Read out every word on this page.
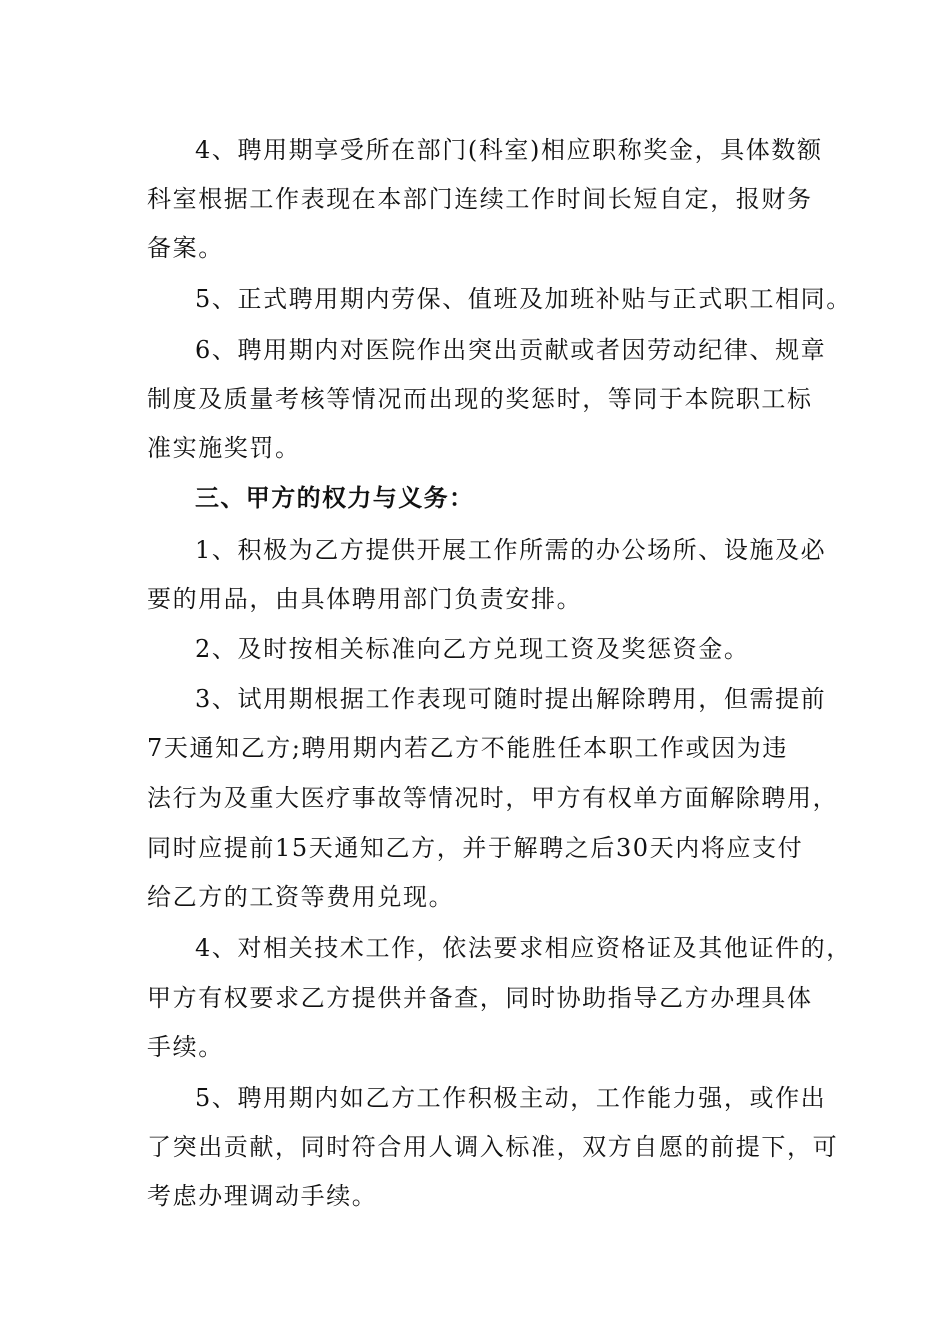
4、聘用期享受所在部门(科室)相应职称奖金，具体数额
科室根据工作表现在本部门连续工作时间长短自定，报财务
备案。
5、正式聘用期内劳保、值班及加班补贴与正式职工相同。
6、聘用期内对医院作出突出贡献或者因劳动纪律、规章
制度及质量考核等情况而出现的奖惩时，等同于本院职工标
准实施奖罚。
三、甲方的权力与义务：
1、积极为乙方提供开展工作所需的办公场所、设施及必
要的用品，由具体聘用部门负责安排。
2、及时按相关标准向乙方兑现工资及奖惩资金。
3、试用期根据工作表现可随时提出解除聘用，但需提前
7天通知乙方;聘用期内若乙方不能胜任本职工作或因为违
法行为及重大医疗事故等情况时，甲方有权单方面解除聘用，
同时应提前15天通知乙方，并于解聘之后30天内将应支付
给乙方的工资等费用兑现。
4、对相关技术工作，依法要求相应资格证及其他证件的，
甲方有权要求乙方提供并备查，同时协助指导乙方办理具体
手续。
5、聘用期内如乙方工作积极主动，工作能力强，或作出
了突出贡献，同时符合用人调入标准，双方自愿的前提下，可
考虑办理调动手续。
